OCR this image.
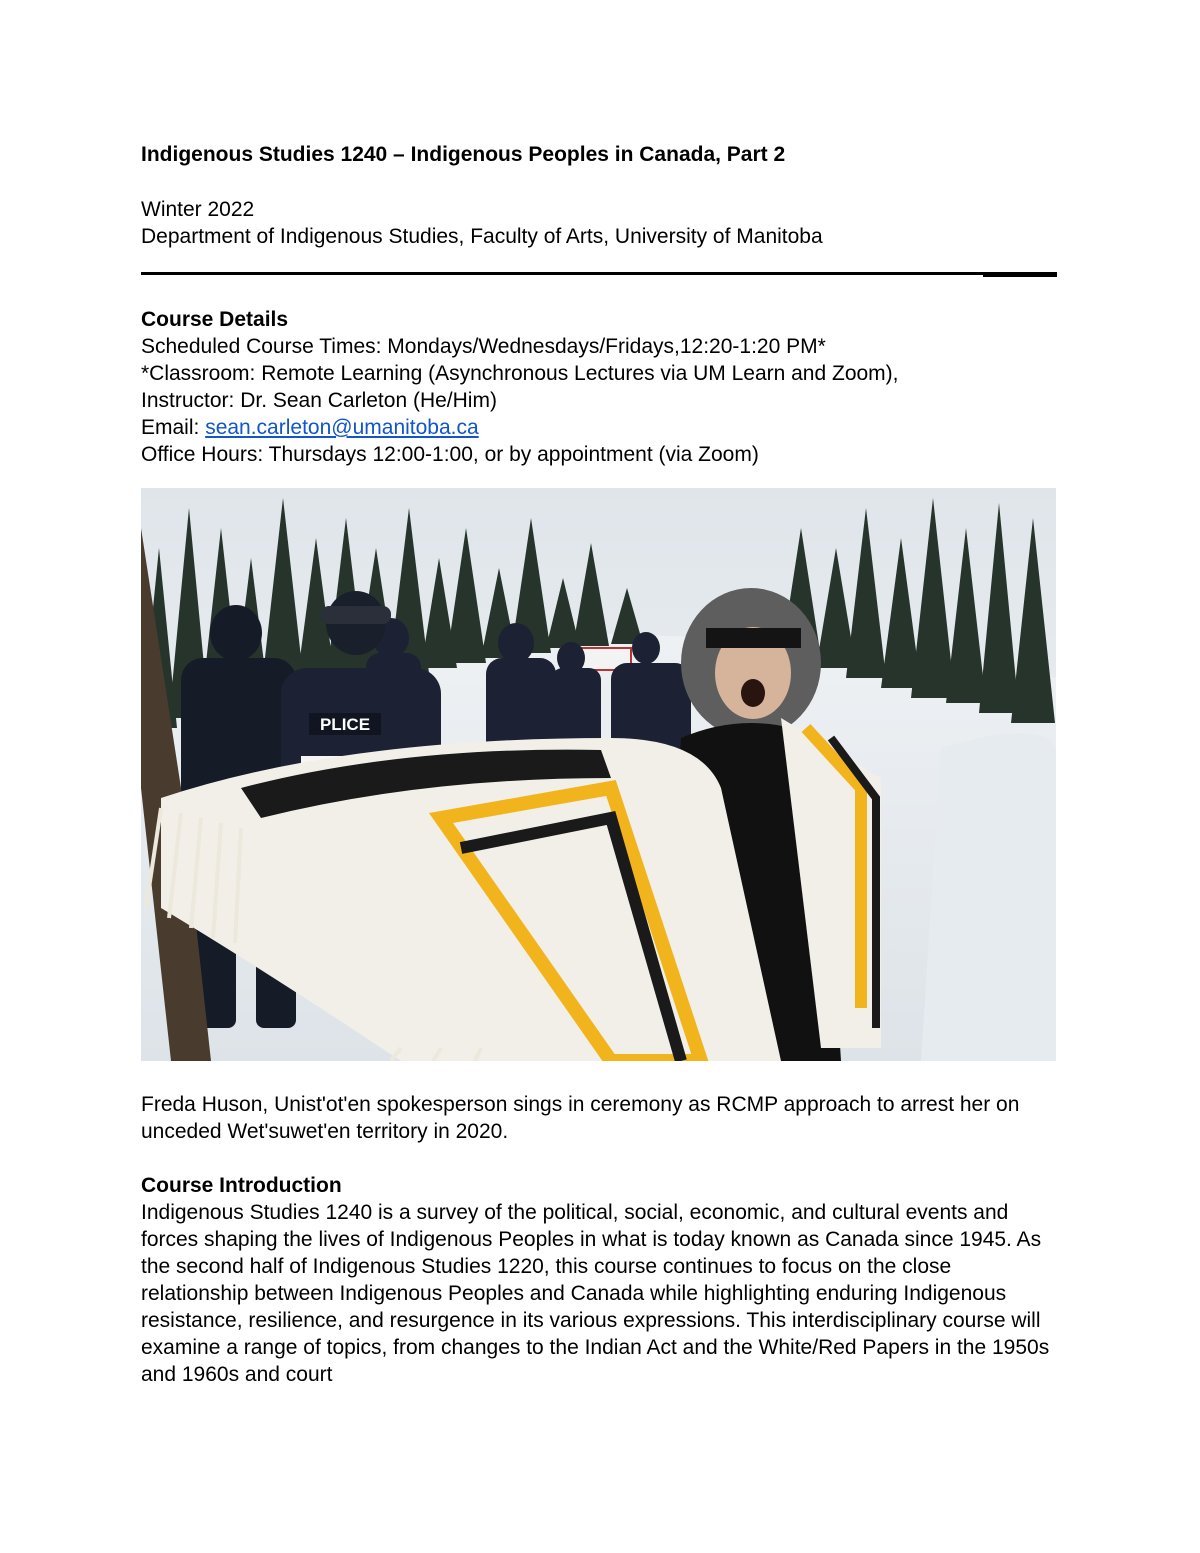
Indigenous Studies 1240 – Indigenous Peoples in Canada, Part 2
Winter 2022
Department of Indigenous Studies, Faculty of Arts, University of Manitoba
Course Details
Scheduled Course Times: Mondays/Wednesdays/Fridays,12:20-1:20 PM*
*Classroom: Remote Learning (Asynchronous Lectures via UM Learn and Zoom),
Instructor: Dr. Sean Carleton (He/Him)
Email: sean.carleton@umanitoba.ca
Office Hours: Thursdays 12:00-1:00, or by appointment (via Zoom)
PLICE
Freda Huson, Unist'ot'en spokesperson sings in ceremony as RCMP approach to arrest her on unceded Wet'suwet'en territory in 2020.
Course Introduction

Indigenous Studies 1240 is a survey of the political, social, economic, and cultural events and forces shaping the lives of Indigenous Peoples in what is today known as Canada since 1945. As the second half of Indigenous Studies 1220, this course continues to focus on the close relationship between Indigenous Peoples and Canada while highlighting enduring Indigenous resistance, resilience, and resurgence in its various expressions. This interdisciplinary course will examine a range of topics, from changes to the Indian Act and the White/Red Papers in the 1950s and 1960s and court
